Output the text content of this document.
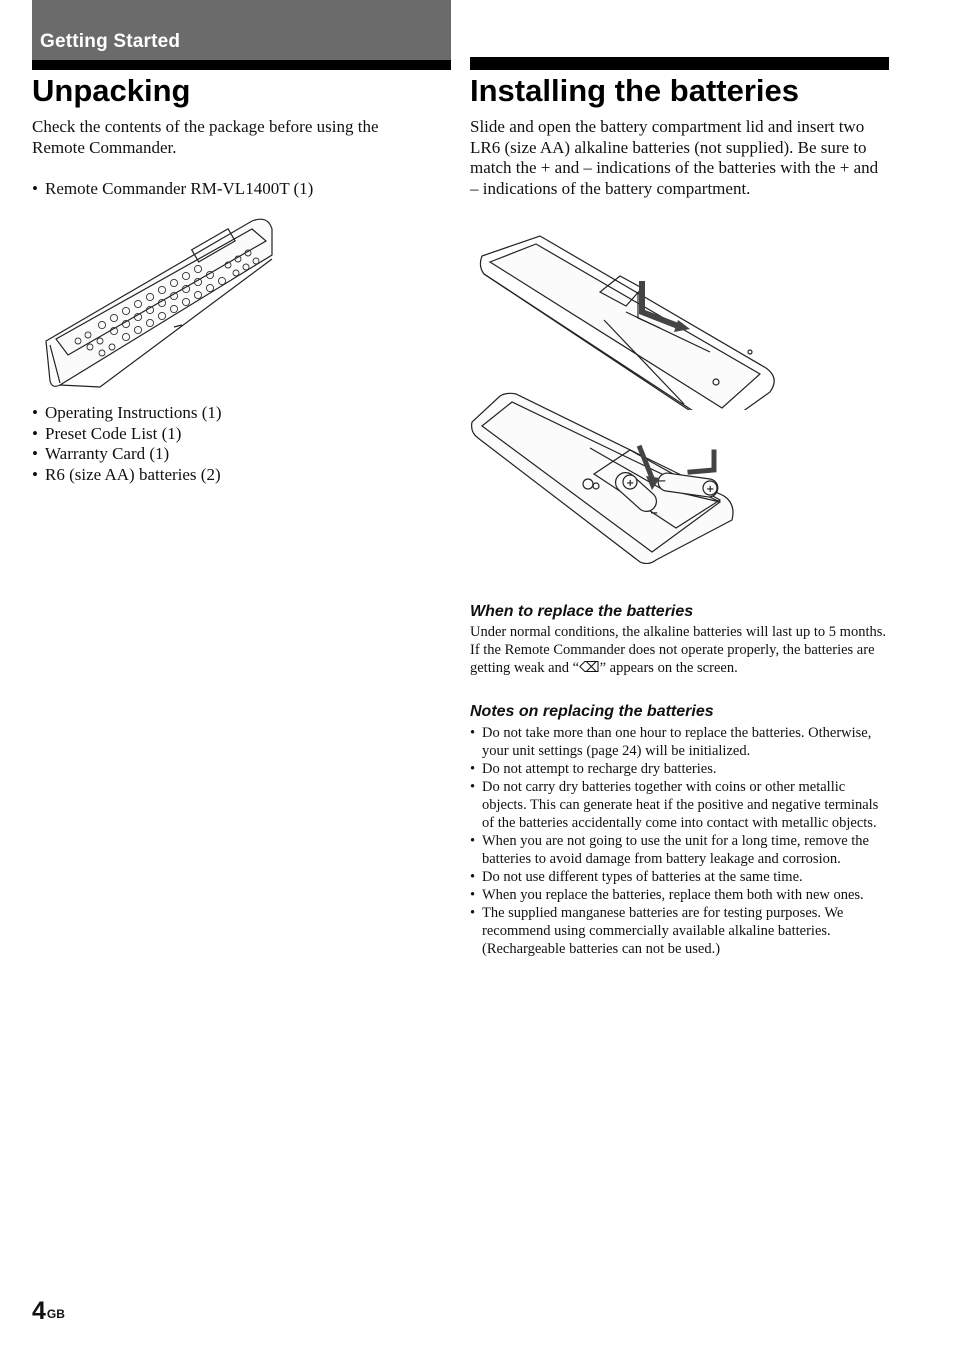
Getting Started
Unpacking

Check the contents of the package before using the Remote Commander.

• Remote Commander RM-VL1400T (1)
• Operating Instructions (1)
• Preset Code List (1)
• Warranty Card (1)
• R6 (size AA) batteries (2)
Installing the batteries

Slide and open the battery compartment lid and insert two LR6 (size AA) alkaline batteries (not supplied). Be sure to match the + and – indications of the batteries with the + and – indications of the battery compartment.

+
+
−
−
When to replace the batteries

Under normal conditions, the alkaline batteries will last up to 5 months. If the Remote Commander does not operate properly, the batteries are getting weak and “⌫” appears on the screen.

Notes on replacing the batteries
• Do not take more than one hour to replace the batteries. Otherwise, your unit settings (page 24) will be initialized.
• Do not attempt to recharge dry batteries.
• Do not carry dry batteries together with coins or other metallic objects. This can generate heat if the positive and negative terminals of the batteries accidentally come into contact with metallic objects.
• When you are not going to use the unit for a long time, remove the batteries to avoid damage from battery leakage and corrosion.
• Do not use different types of batteries at the same time.
• When you replace the batteries, replace them both with new ones.
• The supplied manganese batteries are for testing purposes. We recommend using commercially available alkaline batteries. (Rechargeable batteries can not be used.)
$4^{GB}$
